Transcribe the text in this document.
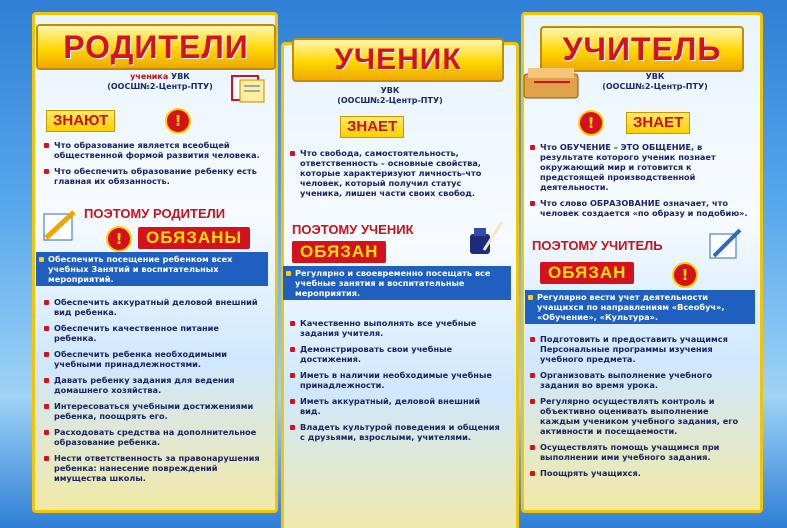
РОДИТЕЛИ
ученика УВК
(ООСШ№2-Центр-ПТУ)
ЗНАЮТ	!
Что образование является всеобщей общественной формой развития человека.
Что обеспечить образование ребенку есть главная их обязанность.
ПОЭТОМУ РОДИТЕЛИ
!	ОБЯЗАНЫ
Обеспечить посещение ребенком всех учебных Занятий и воспитательных мероприятий.
Обеспечить аккуратный деловой внешний вид ребенка.
Обеспечить качественное питание ребенка.
Обеспечить ребенка необходимыми учебными принадлежностями.
Давать ребенку задания для ведения домашнего хозяйства.
Интересоваться учебными достижениями ребенка, поощрять его.
Расходовать средства на дополнительное образование ребенка.
Нести ответственность за правонарушения ребенка: нанесение повреждений имущества школы.
УЧЕНИК
УВК
(ООСШ№2-Центр-ПТУ)
ЗНАЕТ
Что свобода, самостоятельность, ответственность – основные свойства, которые характеризуют личность-что человек, который получил статус ученика, лишен части своих свобод.
ПОЭТОМУ УЧЕНИК
ОБЯЗАН
Регулярно и своевременно посещать все учебные занятия и воспитательные мероприятия.
Качественно выполнять все учебные задания учителя.
Демонстрировать свои учебные достижения.
Иметь в наличии необходимые учебные принадлежности.
Иметь аккуратный, деловой внешний вид.
Владеть культурой поведения и общения с друзьями, взрослыми, учителями.
УЧИТЕЛЬ
УВК
(ООСШ№2-Центр-ПТУ)
!	ЗНАЕТ
Что ОБУЧЕНИЕ – ЭТО ОБЩЕНИЕ, в результате которого ученик познает окружающий мир и готовится к предстоящей производственной деятельности.
Что слово ОБРАЗОВАНИЕ означает, что человек создается «по образу и подобию».
ПОЭТОМУ УЧИТЕЛЬ
ОБЯЗАН	!
Регулярно вести учет деятельности учащихся по направлениям «Всеобуч», «Обучение», «Культура».
Подготовить и предоставить учащимся Персональные программы изучения учебного предмета.
Организовать выполнение учебного задания во время урока.
Регулярно осуществлять контроль и объективно оценивать выполнение каждым учеником учебного задания, его активности и посещаемости.
Осуществлять помощь учащимся при выполнении ими учебного задания.
Поощрять учащихся.
